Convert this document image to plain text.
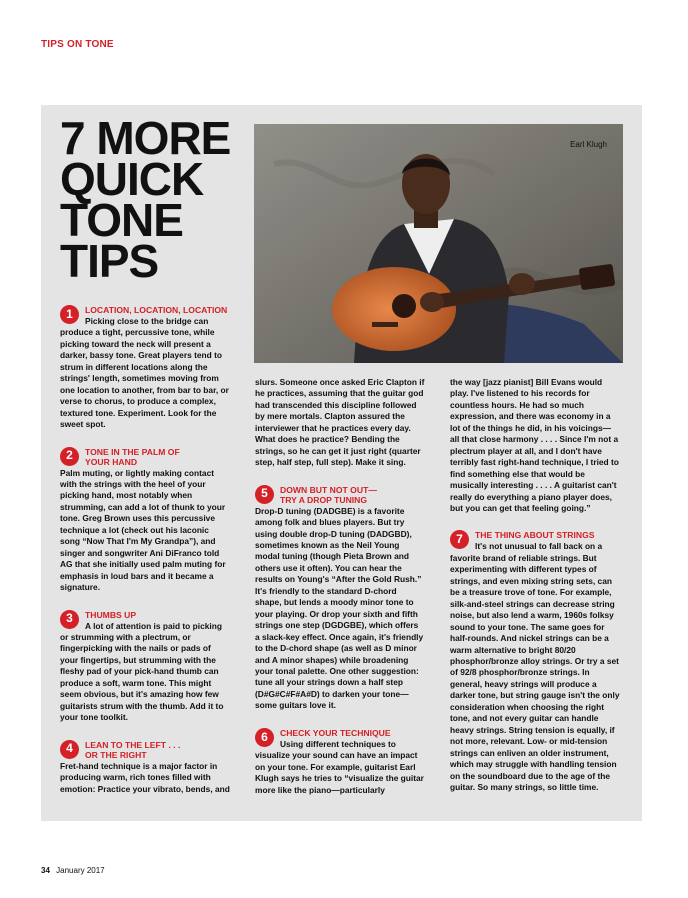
TIPS ON TONE
7 MORE
QUICK
TONE
TIPS
Earl Klugh
1	LOCATION, LOCATION, LOCATION

Picking close to the bridge can produce a tight, percussive tone, while picking toward the neck will present a darker, bassy tone. Great players tend to strum in different locations along the strings' length, sometimes moving from one location to another, from bar to bar, or verse to chorus, to produce a complex, textured tone. Experiment. Look for the sweet spot.

2	TONE IN THE PALM OF YOUR HAND

Palm muting, or lightly making contact with the strings with the heel of your picking hand, most notably when strumming, can add a lot of thunk to your tone. Greg Brown uses this percussive technique a lot (check out his laconic song “Now That I'm My Grandpa”), and singer and songwriter Ani DiFranco told AG that she initially used palm muting for emphasis in loud bars and it became a signature.

3	THUMBS UP

A lot of attention is paid to picking or strumming with a plectrum, or fingerpicking with the nails or pads of your fingertips, but strumming with the fleshy pad of your pick-hand thumb can produce a soft, warm tone. This might seem obvious, but it's amazing how few guitarists strum with the thumb. Add it to your tone toolkit.

4	LEAN TO THE LEFT . . . OR THE RIGHT

Fret-hand technique is a major factor in producing warm, rich tones filled with emotion: Practice your vibrato, bends, and

slurs. Someone once asked Eric Clapton if he practices, assuming that the guitar god had transcended this discipline followed by mere mortals. Clapton assured the interviewer that he practices every day. What does he practice? Bending the strings, so he can get it just right (quarter step, half step, full step). Make it sing.

5	DOWN BUT NOT OUT— TRY A DROP TUNING

Drop-D tuning (DADGBE) is a favorite among folk and blues players. But try using double drop-D tuning (DADGBD), sometimes known as the Neil Young modal tuning (though Pieta Brown and others use it often). You can hear the results on Young's “After the Gold Rush.” It's friendly to the standard D-chord shape, but lends a moody minor tone to your playing. Or drop your sixth and fifth strings one step (DGDGBE), which offers a slack-key effect. Once again, it's friendly to the D-chord shape (as well as D minor and A minor shapes) while broadening your tonal palette. One other suggestion: tune all your strings down a half step (D#G#C#F#A#D) to darken your tone—some guitars love it.

6	CHECK YOUR TECHNIQUE

Using different techniques to visualize your sound can have an impact on your tone. For example, guitarist Earl Klugh says he tries to “visualize the guitar more like the piano—particularly

the way [jazz pianist] Bill Evans would play. I've listened to his records for countless hours. He had so much expression, and there was economy in a lot of the things he did, in his voicings—all that close harmony . . . . Since I'm not a plectrum player at all, and I don't have terribly fast right-hand technique, I tried to find something else that would be musically interesting . . . . A guitarist can't really do everything a piano player does, but you can get that feeling going.”

7	THE THING ABOUT STRINGS

It's not unusual to fall back on a favorite brand of reliable strings. But experimenting with different types of strings, and even mixing string sets, can be a treasure trove of tone. For example, silk-and-steel strings can decrease string noise, but also lend a warm, 1960s folksy sound to your tone. The same goes for half-rounds. And nickel strings can be a warm alternative to bright 80/20 phosphor/bronze alloy strings. Or try a set of 92/8 phosphor/bronze strings. In general, heavy strings will produce a darker tone, but string gauge isn't the only consideration when choosing the right tone, and not every guitar can handle heavy strings. String tension is equally, if not more, relevant. Low- or mid-tension strings can enliven an older instrument, which may struggle with handling tension on the soundboard due to the age of the guitar. So many strings, so little time.

34 January 2017
